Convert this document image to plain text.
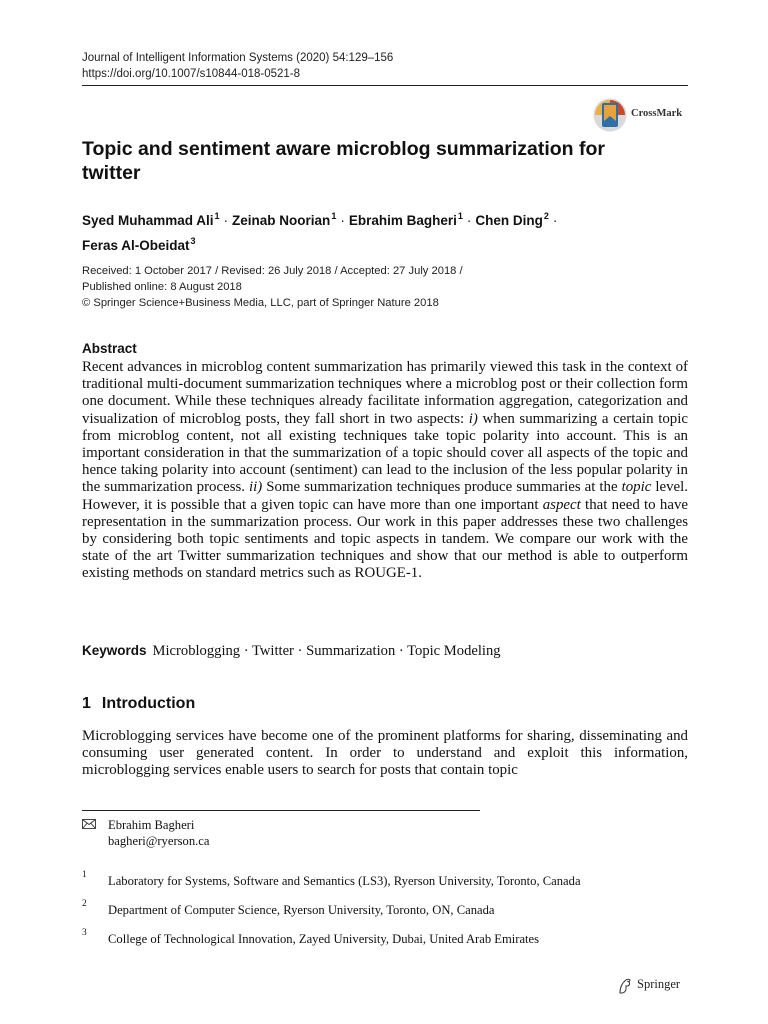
Journal of Intelligent Information Systems (2020) 54:129–156
https://doi.org/10.1007/s10844-018-0521-8
CrossMark
Topic and sentiment aware microblog summarization for twitter
Syed Muhammad Ali$^1$ · Zeinab Noorian$^1$ · Ebrahim Bagheri$^1$ · Chen Ding$^2$ ·
Feras Al-Obeidat$^3$
Received: 1 October 2017 / Revised: 26 July 2018 / Accepted: 27 July 2018 /
Published online: 8 August 2018
© Springer Science+Business Media, LLC, part of Springer Nature 2018
Abstract
Recent advances in microblog content summarization has primarily viewed this task in the context of traditional multi-document summarization techniques where a microblog post or their collection form one document. While these techniques already facilitate information aggregation, categorization and visualization of microblog posts, they fall short in two aspects: i) when summarizing a certain topic from microblog content, not all existing techniques take topic polarity into account. This is an important consideration in that the summarization of a topic should cover all aspects of the topic and hence taking polarity into account (sentiment) can lead to the inclusion of the less popular polarity in the summarization process. ii) Some summarization techniques produce summaries at the topic level. However, it is possible that a given topic can have more than one important aspect that need to have representation in the summarization process. Our work in this paper addresses these two challenges by considering both topic sentiments and topic aspects in tandem. We compare our work with the state of the art Twitter summarization techniques and show that our method is able to outperform existing methods on standard metrics such as ROUGE-1.
Keywords Microblogging · Twitter · Summarization · Topic Modeling
1 Introduction
Microblogging services have become one of the prominent platforms for sharing, disseminating and consuming user generated content. In order to understand and exploit this information, microblogging services enable users to search for posts that contain topic
Ebrahim Bagheri
bagheri@ryerson.ca
1 Laboratory for Systems, Software and Semantics (LS3), Ryerson University, Toronto, Canada
2 Department of Computer Science, Ryerson University, Toronto, ON, Canada
3 College of Technological Innovation, Zayed University, Dubai, United Arab Emirates
Springer
